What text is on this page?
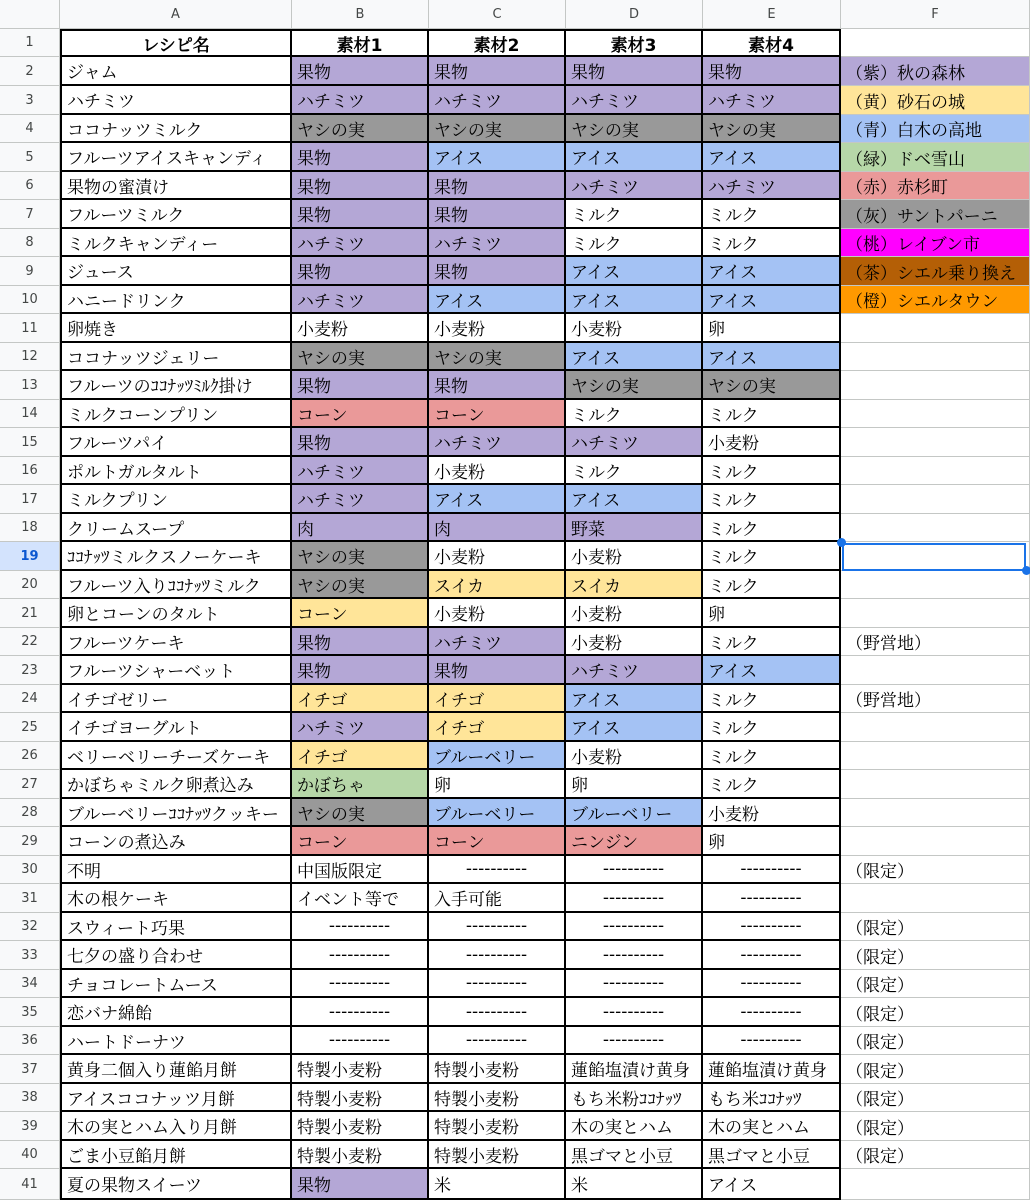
A	B	C	D	E	F
1
2
3
4
5
6
7
8
9
10
11
12
13
14
15
16
17
18
19
20
21
22
23
24
25
26
27
28
29
30
31
32
33
34
35
36
37
38
39
40
41
レシピ名	素材1	素材2	素材3	素材4
ジャム	果物	果物	果物	果物	（紫）秋の森林
ハチミツ	ハチミツ	ハチミツ	ハチミツ	ハチミツ	（黄）砂石の城
ココナッツミルク	ヤシの実	ヤシの実	ヤシの実	ヤシの実	（青）白木の高地
フルーツアイスキャンディ	果物	アイス	アイス	アイス	（緑）ドベ雪山
果物の蜜漬け	果物	果物	ハチミツ	ハチミツ	（赤）赤杉町
フルーツミルク	果物	果物	ミルク	ミルク	（灰）サントパーニ
ミルクキャンディー	ハチミツ	ハチミツ	ミルク	ミルク	（桃）レイブン市
ジュース	果物	果物	アイス	アイス	（茶）シエル乗り換え
ハニードリンク	ハチミツ	アイス	アイス	アイス	（橙）シエルタウン
卵焼き	小麦粉	小麦粉	小麦粉	卵
ココナッツジェリー	ヤシの実	ヤシの実	アイス	アイス
フルーツのｺｺﾅｯﾂﾐﾙｸ掛け	果物	果物	ヤシの実	ヤシの実
ミルクコーンプリン	コーン	コーン	ミルク	ミルク
フルーツパイ	果物	ハチミツ	ハチミツ	小麦粉
ポルトガルタルト	ハチミツ	小麦粉	ミルク	ミルク
ミルクプリン	ハチミツ	アイス	アイス	ミルク
クリームスープ	肉	肉	野菜	ミルク
ｺｺﾅｯﾂミルクスノーケーキ	ヤシの実	小麦粉	小麦粉	ミルク
フルーツ入りｺｺﾅｯﾂミルク	ヤシの実	スイカ	スイカ	ミルク
卵とコーンのタルト	コーン	小麦粉	小麦粉	卵
フルーツケーキ	果物	ハチミツ	小麦粉	ミルク	（野営地）
フルーツシャーベット	果物	果物	ハチミツ	アイス
イチゴゼリー	イチゴ	イチゴ	アイス	ミルク	（野営地）
イチゴヨーグルト	ハチミツ	イチゴ	アイス	ミルク
ベリーベリーチーズケーキ	イチゴ	ブルーベリー	小麦粉	ミルク
かぼちゃミルク卵煮込み	かぼちゃ	卵	卵	ミルク
ブルーベリーｺｺﾅｯﾂクッキー	ヤシの実	ブルーベリー	ブルーベリー	小麦粉
コーンの煮込み	コーン	コーン	ニンジン	卵
不明	中国版限定	----------	----------	----------	（限定）
木の根ケーキ	イベント等で	入手可能	----------	----------
スウィート巧果	----------	----------	----------	----------	（限定）
七夕の盛り合わせ	----------	----------	----------	----------	（限定）
チョコレートムース	----------	----------	----------	----------	（限定）
恋バナ綿飴	----------	----------	----------	----------	（限定）
ハートドーナツ	----------	----------	----------	----------	（限定）
黄身二個入り蓮餡月餅	特製小麦粉	特製小麦粉	蓮餡塩漬け黄身	蓮餡塩漬け黄身	（限定）
アイスココナッツ月餅	特製小麦粉	特製小麦粉	もち米粉ｺｺﾅｯﾂ	もち米ｺｺﾅｯﾂ	（限定）
木の実とハム入り月餅	特製小麦粉	特製小麦粉	木の実とハム	木の実とハム	（限定）
ごま小豆餡月餅	特製小麦粉	特製小麦粉	黒ゴマと小豆	黒ゴマと小豆	（限定）
夏の果物スイーツ	果物	米	米	アイス
